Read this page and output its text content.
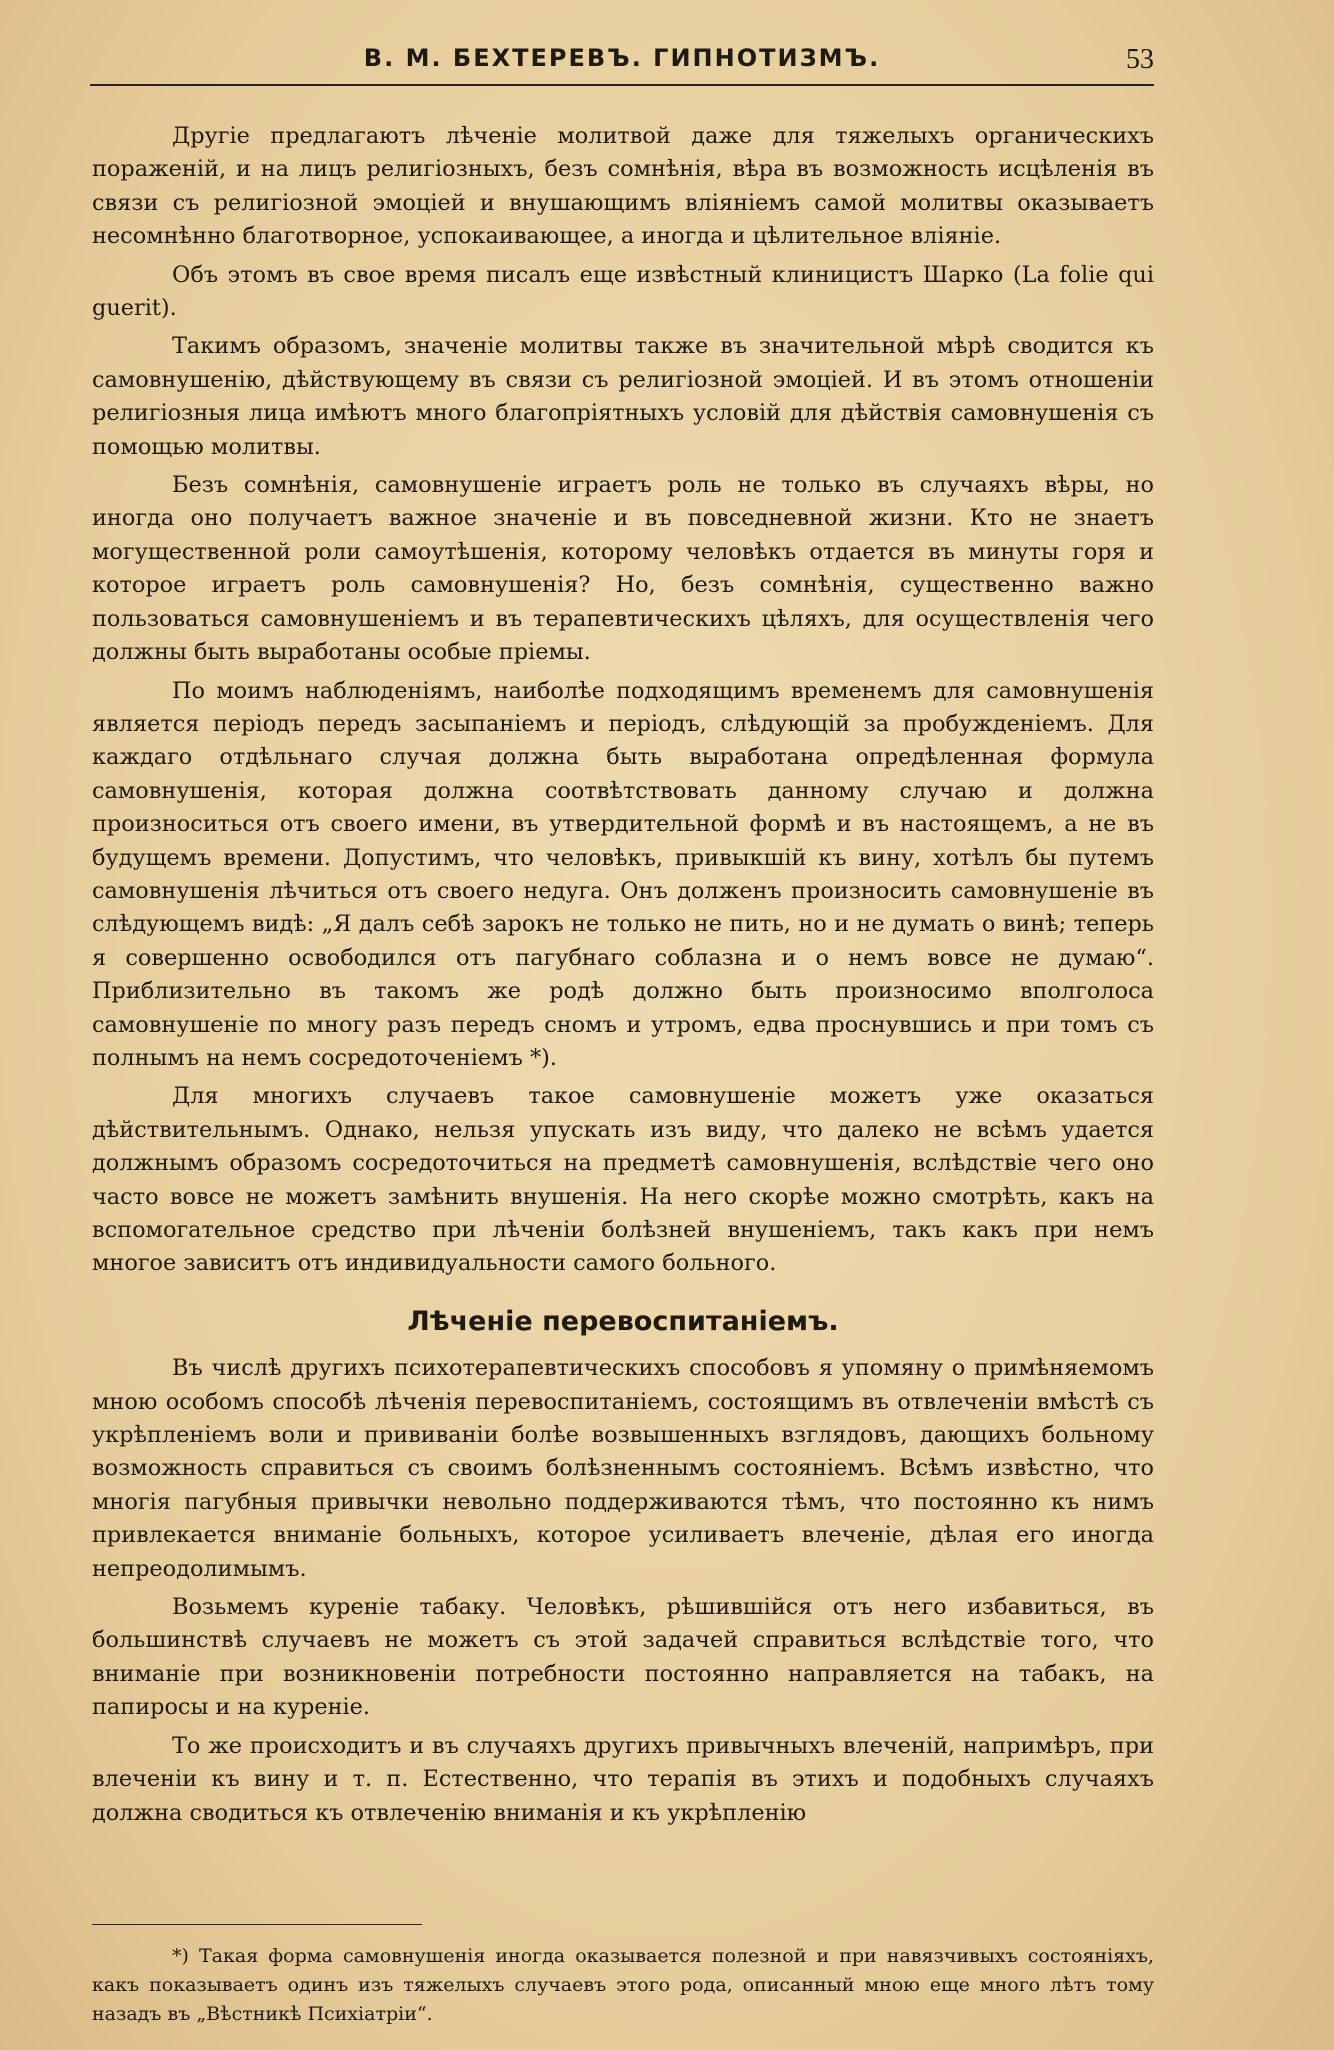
В. М. БЕХТЕРЕВЪ. ГИПНОТИЗМЪ.	53

Другіе предлагаютъ лѣченіе молитвой даже для тяжелыхъ органическихъ пораженій, и на лицъ религіозныхъ, безъ сомнѣнія, вѣра въ возможность исцѣленія въ связи съ религіозной эмоціей и внушающимъ вліяніемъ самой молитвы оказываетъ несомнѣнно благотворное, успокаивающее, а иногда и цѣлительное вліяніе.

Объ этомъ въ свое время писалъ еще извѣстный клиницистъ Шарко (La folie qui guerit).

Такимъ образомъ, значеніе молитвы также въ значительной мѣрѣ сводится къ самовнушенію, дѣйствующему въ связи съ религіозной эмоціей. И въ этомъ отношеніи религіозныя лица имѣютъ много благопріятныхъ условій для дѣйствія самовнушенія съ помощью молитвы.

Безъ сомнѣнія, самовнушеніе играетъ роль не только въ случаяхъ вѣры, но иногда оно получаетъ важное значеніе и въ повседневной жизни. Кто не знаетъ могущественной роли самоутѣшенія, которому человѣкъ отдается въ минуты горя и которое играетъ роль самовнушенія? Но, безъ сомнѣнія, существенно важно пользоваться самовнушеніемъ и въ терапевтическихъ цѣляхъ, для осуществленія чего должны быть выработаны особые пріемы.

По моимъ наблюденіямъ, наиболѣе подходящимъ временемъ для самовнушенія является періодъ передъ засыпаніемъ и періодъ, слѣдующій за пробужденіемъ. Для каждаго отдѣльнаго случая должна быть выработана опредѣленная формула самовнушенія, которая должна соотвѣтствовать данному случаю и должна произноситься отъ своего имени, въ утвердительной формѣ и въ настоящемъ, а не въ будущемъ времени. Допустимъ, что человѣкъ, привыкшій къ вину, хотѣлъ бы путемъ самовнушенія лѣчиться отъ своего недуга. Онъ долженъ произносить самовнушеніе въ слѣдующемъ видѣ: „Я далъ себѣ зарокъ не только не пить, но и не думать о винѣ; теперь я совершенно освободился отъ пагубнаго соблазна и о немъ вовсе не думаю“. Приблизительно въ такомъ же родѣ должно быть произносимо вполголоса самовнушеніе по многу разъ передъ сномъ и утромъ, едва проснувшись и при томъ съ полнымъ на немъ сосредоточеніемъ *).

Для многихъ случаевъ такое самовнушеніе можетъ уже оказаться дѣйствительнымъ. Однако, нельзя упускать изъ виду, что далеко не всѣмъ удается должнымъ образомъ сосредоточиться на предметѣ самовнушенія, вслѣдствіе чего оно часто вовсе не можетъ замѣнить внушенія. На него скорѣе можно смотрѣть, какъ на вспомогательное средство при лѣченіи болѣзней внушеніемъ, такъ какъ при немъ многое зависитъ отъ индивидуальности самого больного.

Лѣченіе перевоспитаніемъ.

Въ числѣ другихъ психотерапевтическихъ способовъ я упомяну о примѣняемомъ мною особомъ способѣ лѣченія перевоспитаніемъ, состоящимъ въ отвлеченіи вмѣстѣ съ укрѣпленіемъ воли и прививаніи болѣе возвышенныхъ взглядовъ, дающихъ больному возможность справиться съ своимъ болѣзненнымъ состояніемъ. Всѣмъ извѣстно, что многія пагубныя привычки невольно поддерживаются тѣмъ, что постоянно къ нимъ привлекается вниманіе больныхъ, которое усиливаетъ влеченіе, дѣлая его иногда непреодолимымъ.

Возьмемъ куреніе табаку. Человѣкъ, рѣшившійся отъ него избавиться, въ большинствѣ случаевъ не можетъ съ этой задачей справиться вслѣдствіе того, что вниманіе при возникновеніи потребности постоянно направляется на табакъ, на папиросы и на куреніе.

То же происходитъ и въ случаяхъ другихъ привычныхъ влеченій, напримѣръ, при влеченіи къ вину и т. п. Естественно, что терапія въ этихъ и подобныхъ случаяхъ должна сводиться къ отвлеченію вниманія и къ укрѣпленію

*) Такая форма самовнушенія иногда оказывается полезной и при навязчивыхъ состояніяхъ, какъ показываетъ одинъ изъ тяжелыхъ случаевъ этого рода, описанный мною еще много лѣтъ тому назадъ въ „Вѣстникѣ Психіатріи“.
